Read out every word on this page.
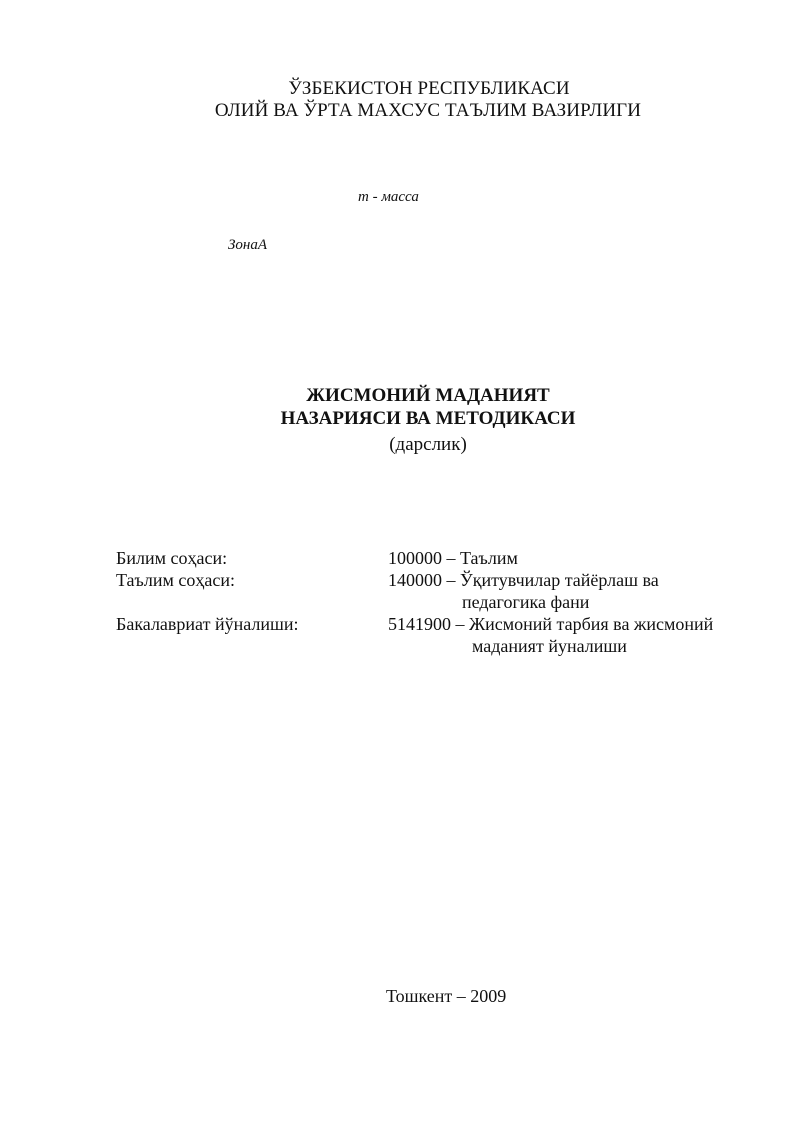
ЎЗБЕКИСТОН РЕСПУБЛИКАСИ
ОЛИЙ ВА ЎРТА МАХСУС ТАЪЛИМ ВАЗИРЛИГИ
т - масса
ЗонаА
ЖИСМОНИЙ МАДАНИЯТ
НАЗАРИЯСИ ВА МЕТОДИКАСИ
(дарслик)
Билим соҳаси:	100000 – Таълим
Таълим соҳаси:	140000 – Ўқитувчилар тайёрлаш ва
педагогика фани
Бакалавриат йўналиши:	5141900 – Жисмоний тарбия ва жисмоний
маданият йуналиши
Тошкент – 2009
